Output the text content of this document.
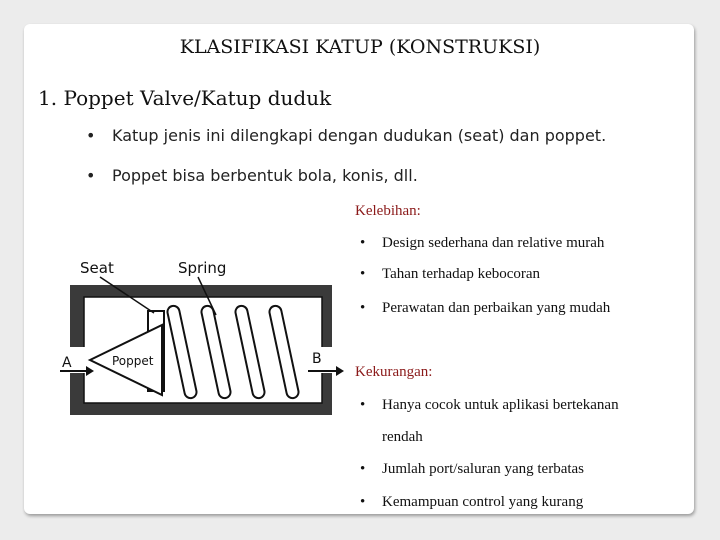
KLASIFIKASI KATUP (KONSTRUKSI)
1. Poppet Valve/Katup duduk
• Katup jenis ini dilengkapi dengan dudukan (seat) dan poppet.
• Poppet bisa berbentuk bola, konis, dll.
Kelebihan:
• Design sederhana dan relative murah
• Tahan terhadap kebocoran
• Perawatan dan perbaikan yang mudah
Kekurangan:
• Hanya cocok untuk aplikasi bertekanan
rendah
• Jumlah port/saluran yang terbatas
• Kemampuan control yang kurang
Seat	Spring
Poppet
A	B
